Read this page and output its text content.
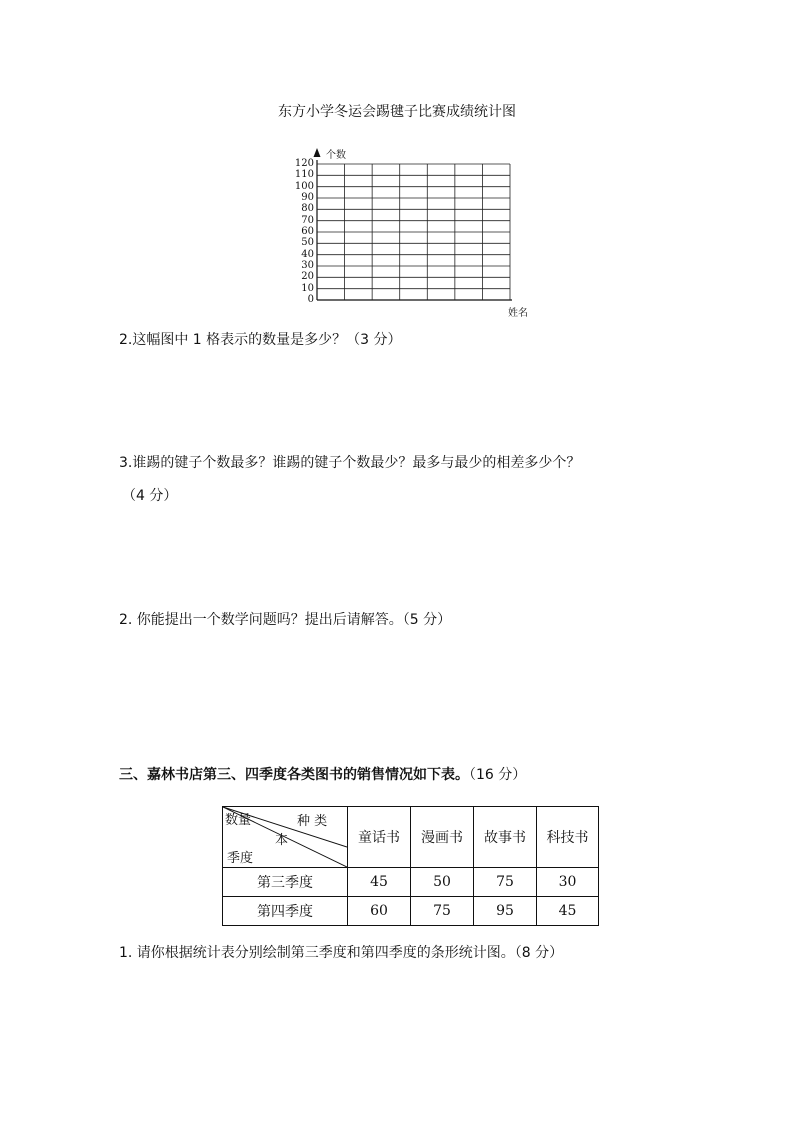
东方小学冬运会踢毽子比赛成绩统计图
个数
姓名
120
110
100
90
80
70
60
50
40
30
20
10
0
2.这幅图中 1 格表示的数量是多少？（3 分）
3.谁踢的键子个数最多？谁踢的键子个数最少？最多与最少的相差多少个？
（4 分）
2. 你能提出一个数学问题吗？提出后请解答。（5 分）
三、嘉林书店第三、四季度各类图书的销售情况如下表。（16 分）
种 类
数量
本
季度	童话书	漫画书	故事书	科技书
第三季度	45	50	75	30
第四季度	60	75	95	45
1. 请你根据统计表分别绘制第三季度和第四季度的条形统计图。（8 分）
